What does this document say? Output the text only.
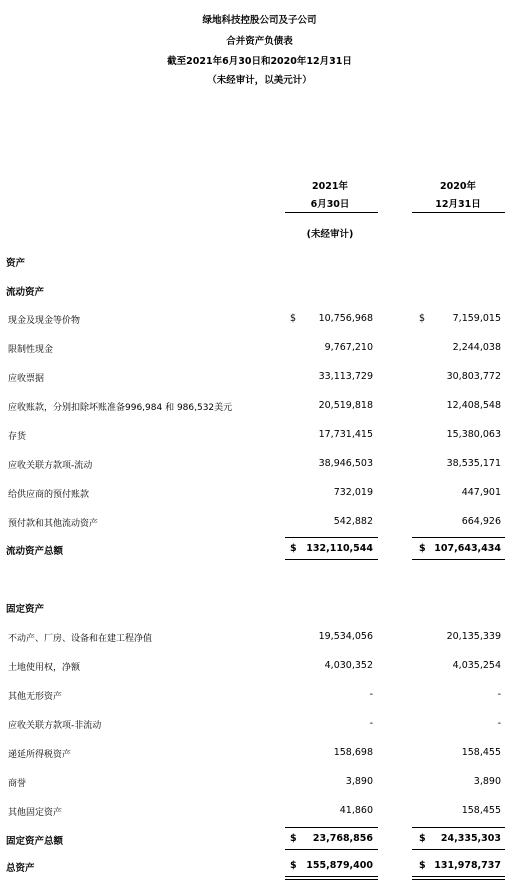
绿地科技控股公司及子公司
合并资产负债表
截至2021年6月30日和2020年12月31日
（未经审计，以美元计）
2021年
6月30日
2020年
12月31日
(未经审计)
资产
流动资产
现金及现金等价物	$	10,756,968	$	7,159,015
限制性现金	9,767,210	2,244,038
应收票据	33,113,729	30,803,772
应收账款，分别扣除坏账准备996,984 和 986,532美元	20,519,818	12,408,548
存货	17,731,415	15,380,063
应收关联方款项-流动	38,946,503	38,535,171
给供应商的预付账款	732,019	447,901
预付款和其他流动资产	542,882	664,926
流动资产总额	$	132,110,544	$ 107,643,434
固定资产
不动产、厂房、设备和在建工程净值	19,534,056	20,135,339
土地使用权，净额	4,030,352	4,035,254
其他无形资产	-	-
应收关联方款项-非流动	-	-
递延所得税资产	158,698	158,455
商誉	3,890	3,890
其他固定资产	41,860	158,455
固定资产总额	$	23,768,856	$	24,335,303
总资产	$	155,879,400	$ 131,978,737
